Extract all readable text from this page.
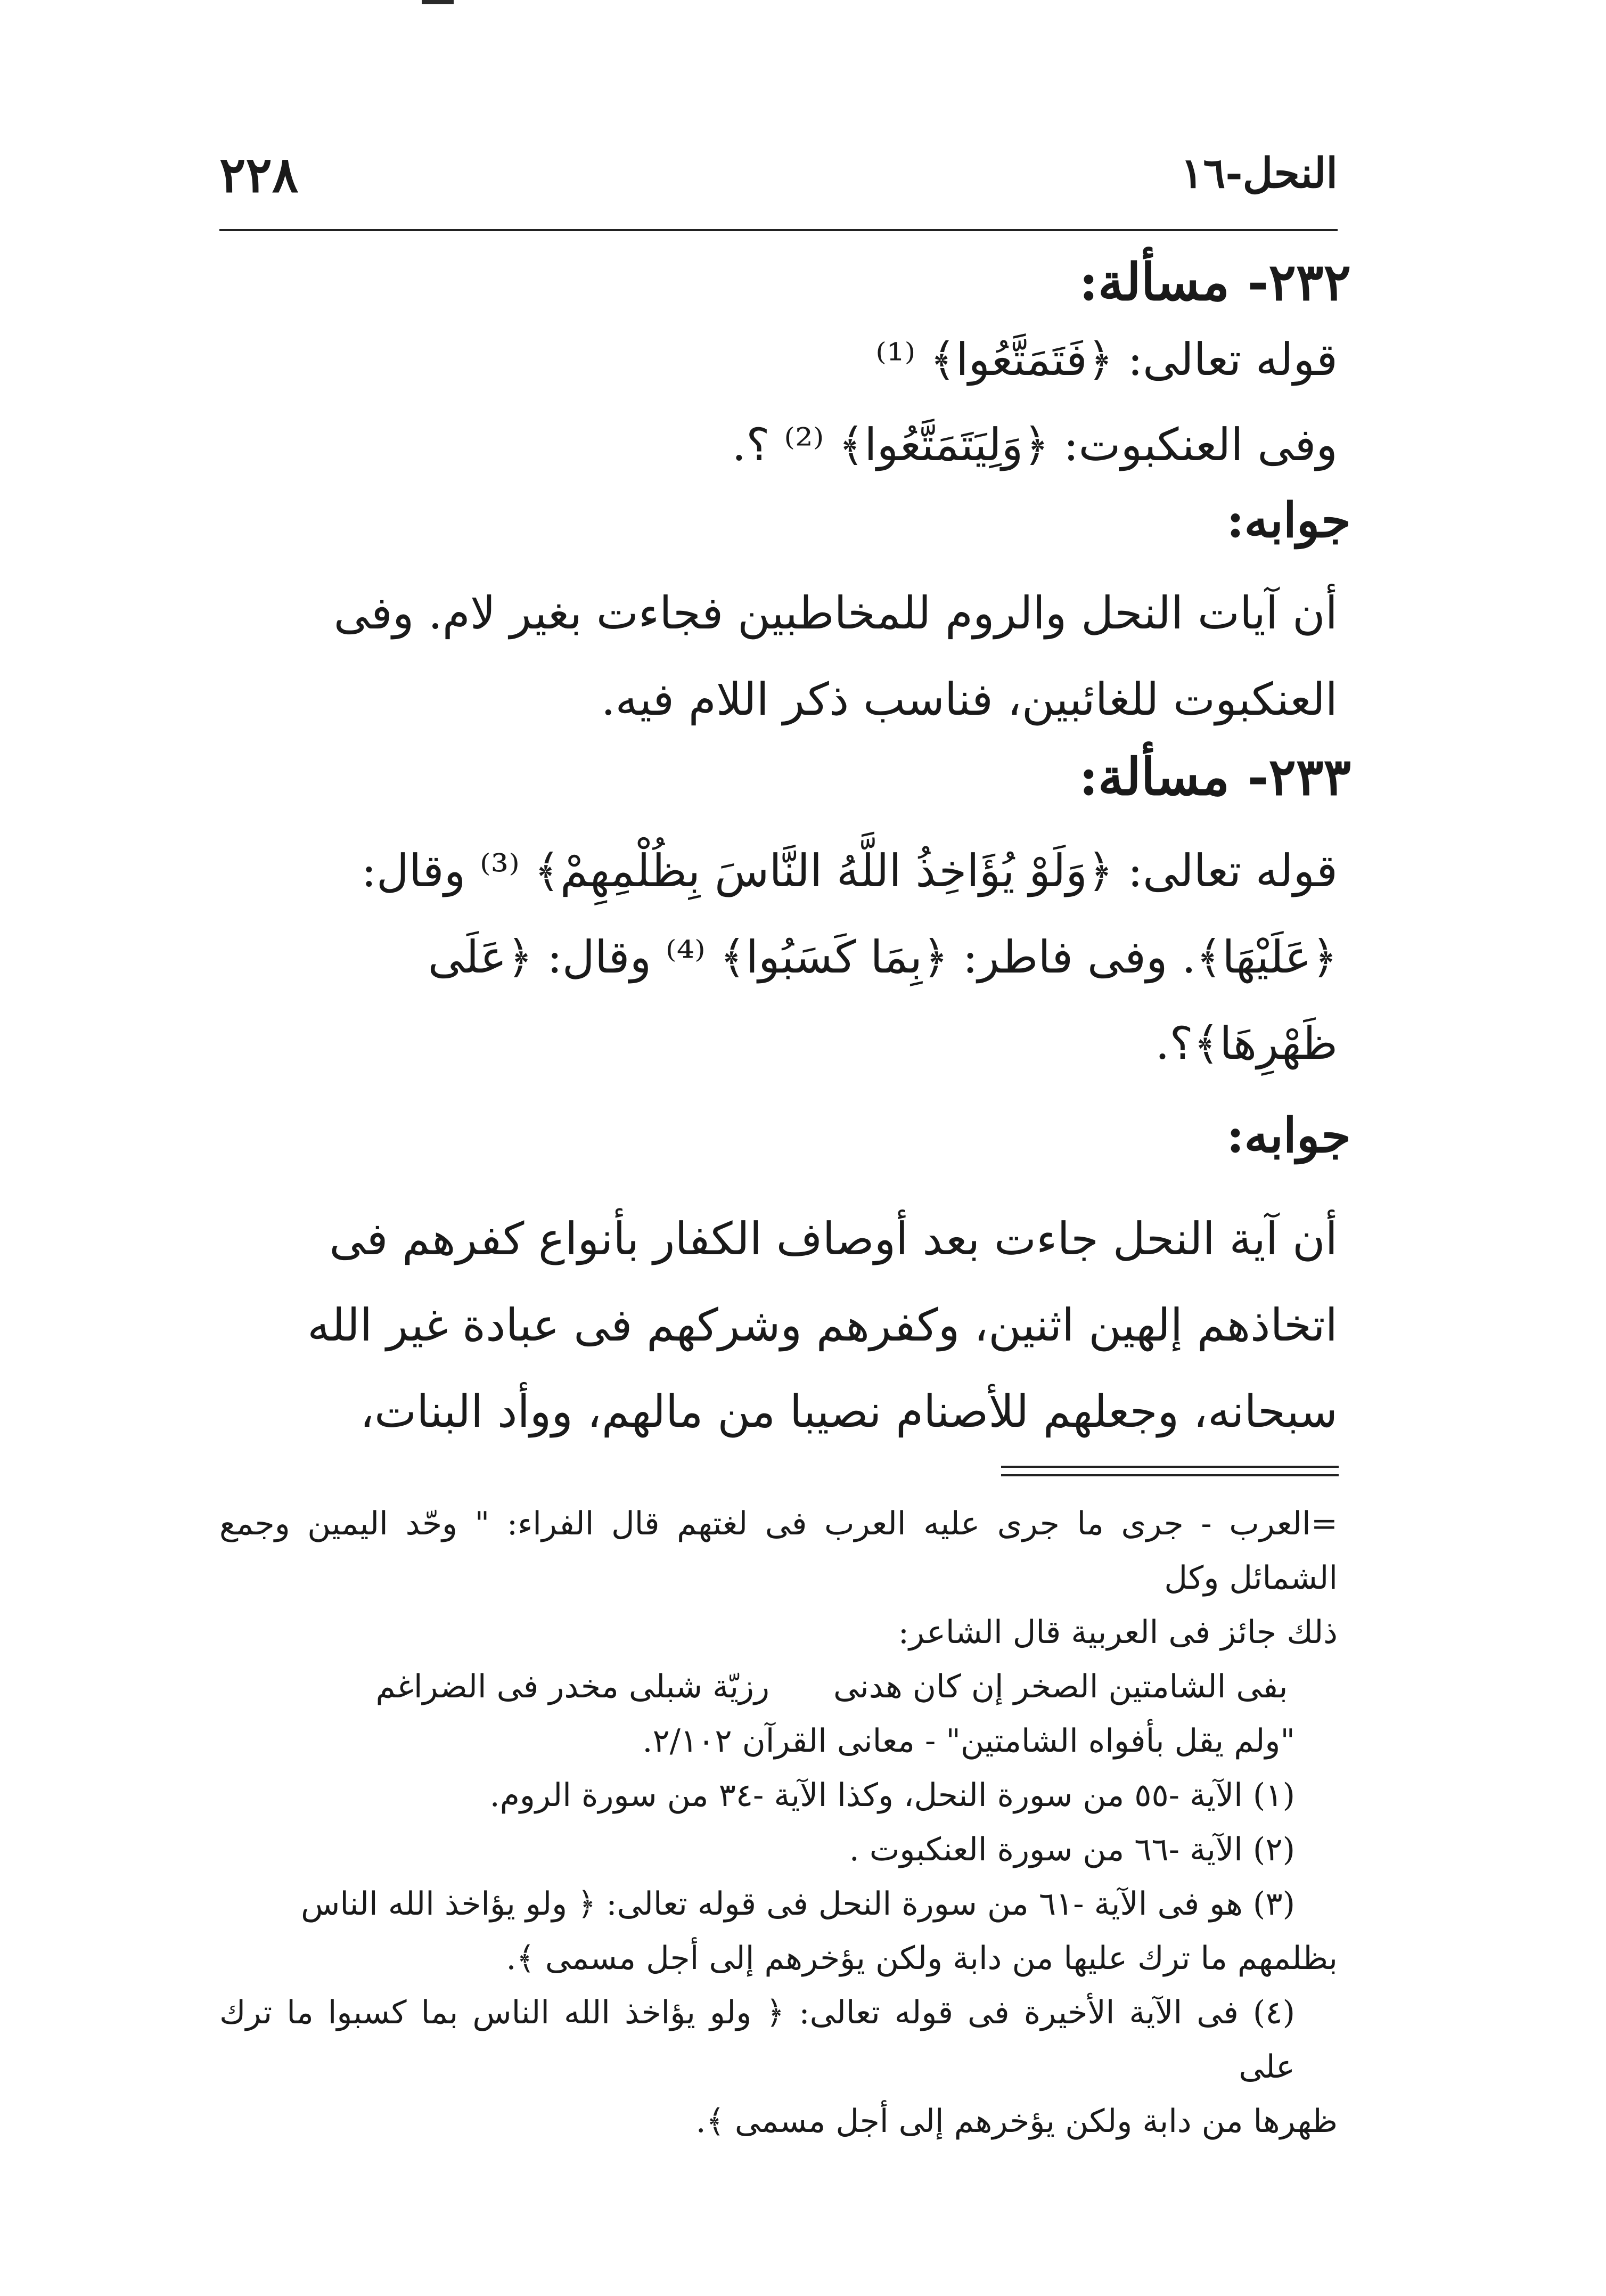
النحل-١٦
٢٢٨
٢٣٢- مسألة:

قوله تعالى: ﴿فَتَمَتَّعُوا﴾ ⁽¹⁾

وفى العنكبوت: ﴿وَلِيَتَمَتَّعُوا﴾ ⁽²⁾ ؟.

جوابه:

أن آيات النحل والروم للمخاطبين فجاءت بغير لام. وفى

العنكبوت للغائبين، فناسب ذكر اللام فيه.

٢٣٣- مسألة:

قوله تعالى: ﴿وَلَوْ يُؤَاخِذُ اللَّهُ النَّاسَ بِظُلْمِهِمْ﴾ ⁽³⁾ وقال:

﴿عَلَيْهَا﴾. وفى فاطر: ﴿بِمَا كَسَبُوا﴾ ⁽⁴⁾ وقال: ﴿عَلَى

ظَهْرِهَا﴾؟.

جوابه:

أن آية النحل جاءت بعد أوصاف الكفار بأنواع كفرهم فى

اتخاذهم إلهين اثنين، وكفرهم وشركهم فى عبادة غير الله

سبحانه، وجعلهم للأصنام نصيبا من مالهم، ووأد البنات،

=العرب - جرى ما جرى عليه العرب فى لغتهم قال الفراء: " وحّد اليمين وجمع الشمائل وكل

ذلك جائز فى العربية قال الشاعر:

بفى الشامتين الصخر إن كان هدنى
رزيّة شبلى مخدر فى الضراغم

"ولم يقل بأفواه الشامتين" - معانى القرآن ٢/١٠٢.

(١) الآية -٥٥ من سورة النحل، وكذا الآية -٣٤ من سورة الروم.

(٢) الآية -٦٦ من سورة العنكبوت .

(٣) هو فى الآية -٦١ من سورة النحل فى قوله تعالى: ﴿ ولو يؤاخذ الله الناس

بظلمهم ما ترك عليها من دابة ولكن يؤخرهم إلى أجل مسمى ﴾.

(٤) فى الآية الأخيرة فى قوله تعالى: ﴿ ولو يؤاخذ الله الناس بما كسبوا ما ترك على

ظهرها من دابة ولكن يؤخرهم إلى أجل مسمى ﴾.
